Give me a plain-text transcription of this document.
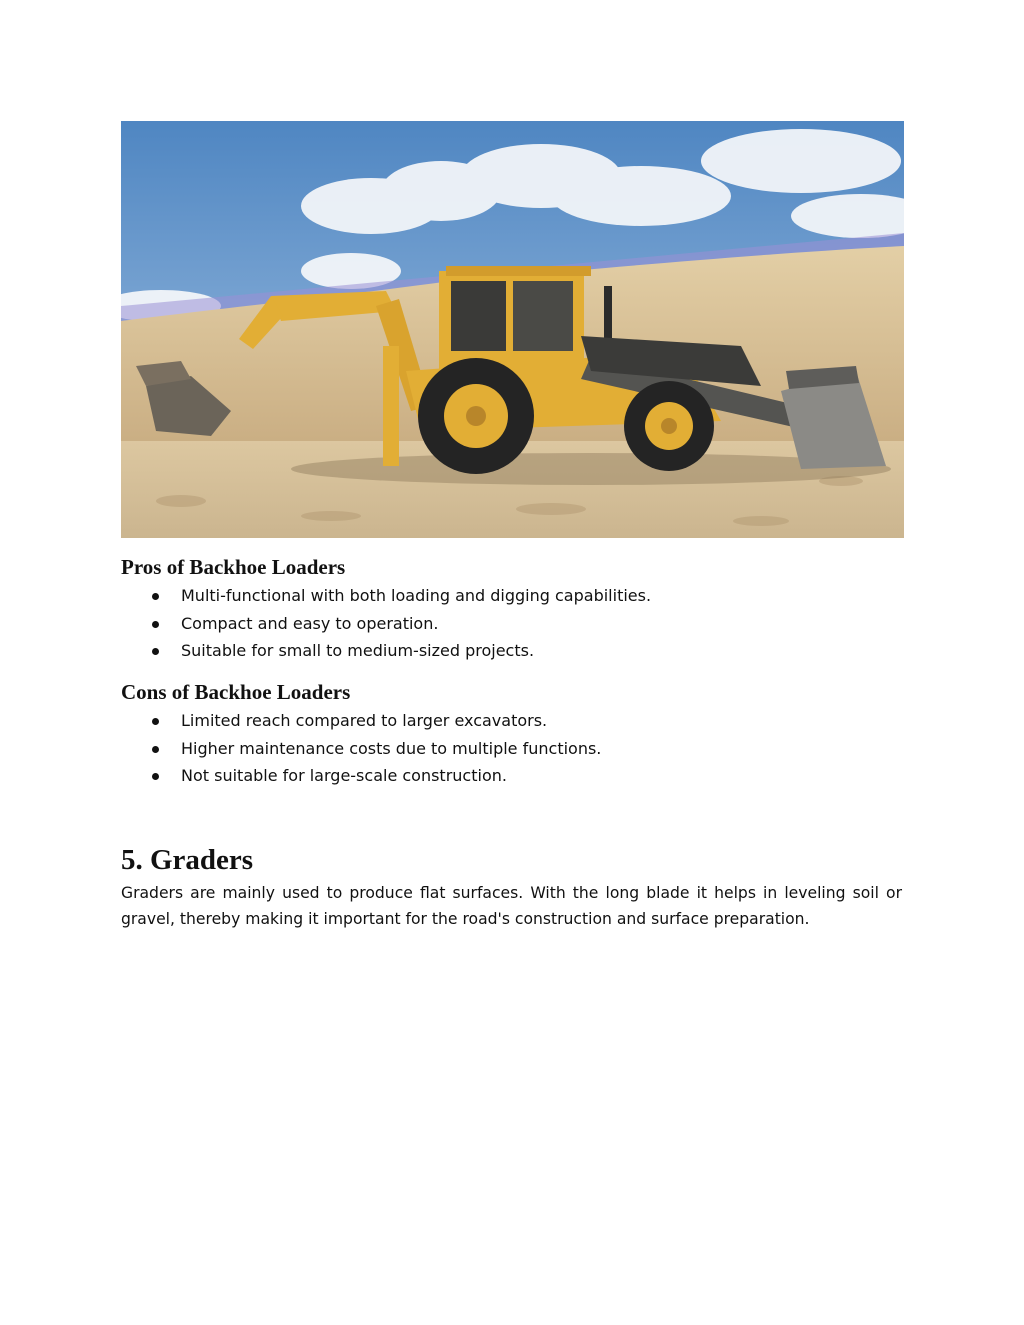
Pros of Backhoe Loaders
Multi-functional with both loading and digging capabilities.
Compact and easy to operation.
Suitable for small to medium-sized projects.
Cons of Backhoe Loaders
Limited reach compared to larger excavators.
Higher maintenance costs due to multiple functions.
Not suitable for large-scale construction.
5. Graders

Graders are mainly used to produce flat surfaces. With the long blade it helps in leveling soil or gravel, thereby making it important for the road's construction and surface preparation.
